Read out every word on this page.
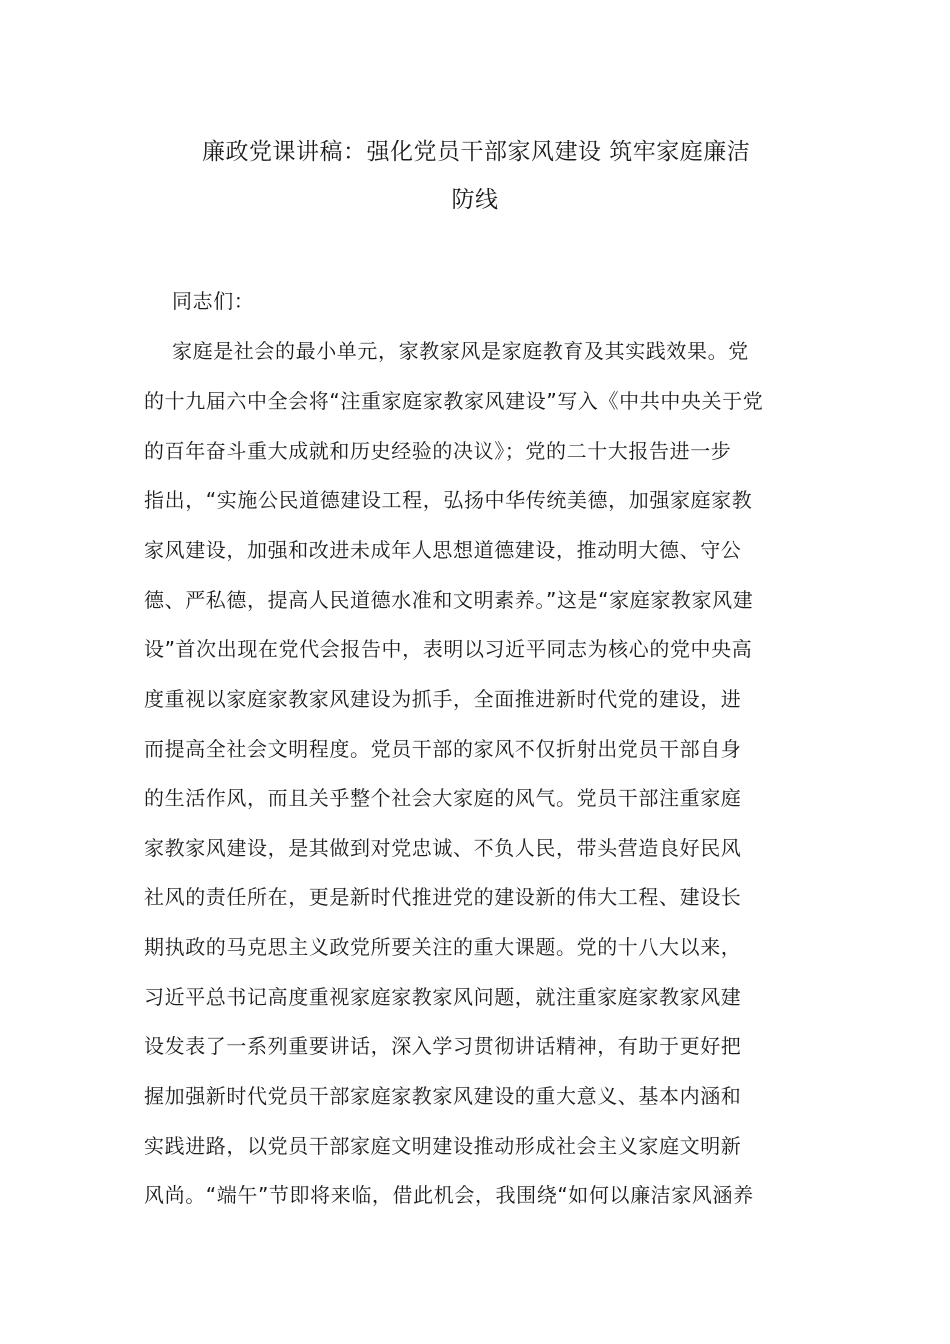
廉政党课讲稿：强化党员干部家风建设 筑牢家庭廉洁
防线

同志们：

家庭是社会的最小单元，家教家风是家庭教育及其实践效果。党

的十九届六中全会将“注重家庭家教家风建设”写入《中共中央关于党

的百年奋斗重大成就和历史经验的决议》；党的二十大报告进一步

指出，“实施公民道德建设工程，弘扬中华传统美德，加强家庭家教

家风建设，加强和改进未成年人思想道德建设，推动明大德、守公

德、严私德，提高人民道德水准和文明素养。”这是“家庭家教家风建

设”首次出现在党代会报告中，表明以习近平同志为核心的党中央高

度重视以家庭家教家风建设为抓手，全面推进新时代党的建设，进

而提高全社会文明程度。党员干部的家风不仅折射出党员干部自身

的生活作风，而且关乎整个社会大家庭的风气。党员干部注重家庭

家教家风建设，是其做到对党忠诚、不负人民，带头营造良好民风

社风的责任所在，更是新时代推进党的建设新的伟大工程、建设长

期执政的马克思主义政党所要关注的重大课题。党的十八大以来，

习近平总书记高度重视家庭家教家风问题，就注重家庭家教家风建

设发表了一系列重要讲话，深入学习贯彻讲话精神，有助于更好把

握加强新时代党员干部家庭家教家风建设的重大意义、基本内涵和

实践进路，以党员干部家庭文明建设推动形成社会主义家庭文明新

风尚。“端午”节即将来临，借此机会，我围绕“如何以廉洁家风涵养
